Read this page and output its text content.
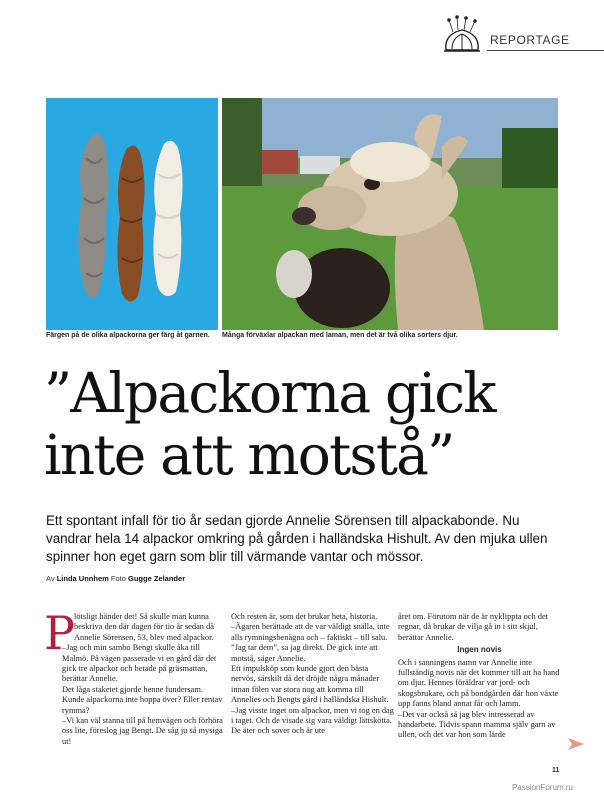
REPORTAGE
Färgen på de olika alpackorna ger färg åt garnen.	Många förväxlar alpackan med laman, men det är två olika sorters djur.
”Alpackorna gick
inte att motstå”

Ett spontant infall för tio år sedan gjorde Annelie Sörensen till alpackabonde. Nu vandrar hela 14 alpackor omkring på gården i halländska Hishult. Av den mjuka ullen spinner hon eget garn som blir till värmande vantar och mössor.

Av Linda Unnhem Foto Gugge Zelander
P lötsligt händer det! Så skulle man kunna beskriva den där dagen för tio år sedan då Annelie Sörensen, 53, blev med alpackor.

–Jag och min sambo Bengt skulle åka till Malmö. På vägen passerade vi en gård där det gick tre alpackor och betade på gräsmattan, berättar Annelie.

Det låga staketet gjorde henne fundersam. Kunde alpackorna inte hoppa över? Eller rentav rymma?

–Vi kan väl stanna till på hemvägen och förhöra oss lite, föreslog jag Bengt. De såg ju så mysiga ut!

Och resten är, som det brukar heta, historia.

–Ägaren berättade att de var väldigt snälla, inte alls rymningsbenägna och – faktiskt – till salu. ”Jag tar dem”, sa jag direkt. De gick inte att motstå, säger Annelie.

Ett impulsköp som kunde gjort den bästa nervös, särskilt då det dröjde några månader innan fölen var stora nog att komma till Annelies och Bengts gård i halländska Hishult.

–Jag visste inget om alpackor, men vi tog en dag i taget. Och de visade sig vara väldigt lättskötta. De äter och sover och är ute

året om. Förutom när de är nyklippta och det regnar, då brukar de vilja gå in i sitt skjul, berättar Annelie.

Ingen novis

Och i sanningens namn var Annelie inte fullständig novis när det kommer till att ha hand om djur. Hennes föräldrar var jord- och skogsbrukare, och på bondgården där hon växte upp fanns bland annat får och lamm.

–Det var också så jag blev intresserad av handarbete. Tidvis spann mamma själv garn av ullen, och det var hon som lärde

11
PassionForum.ru
